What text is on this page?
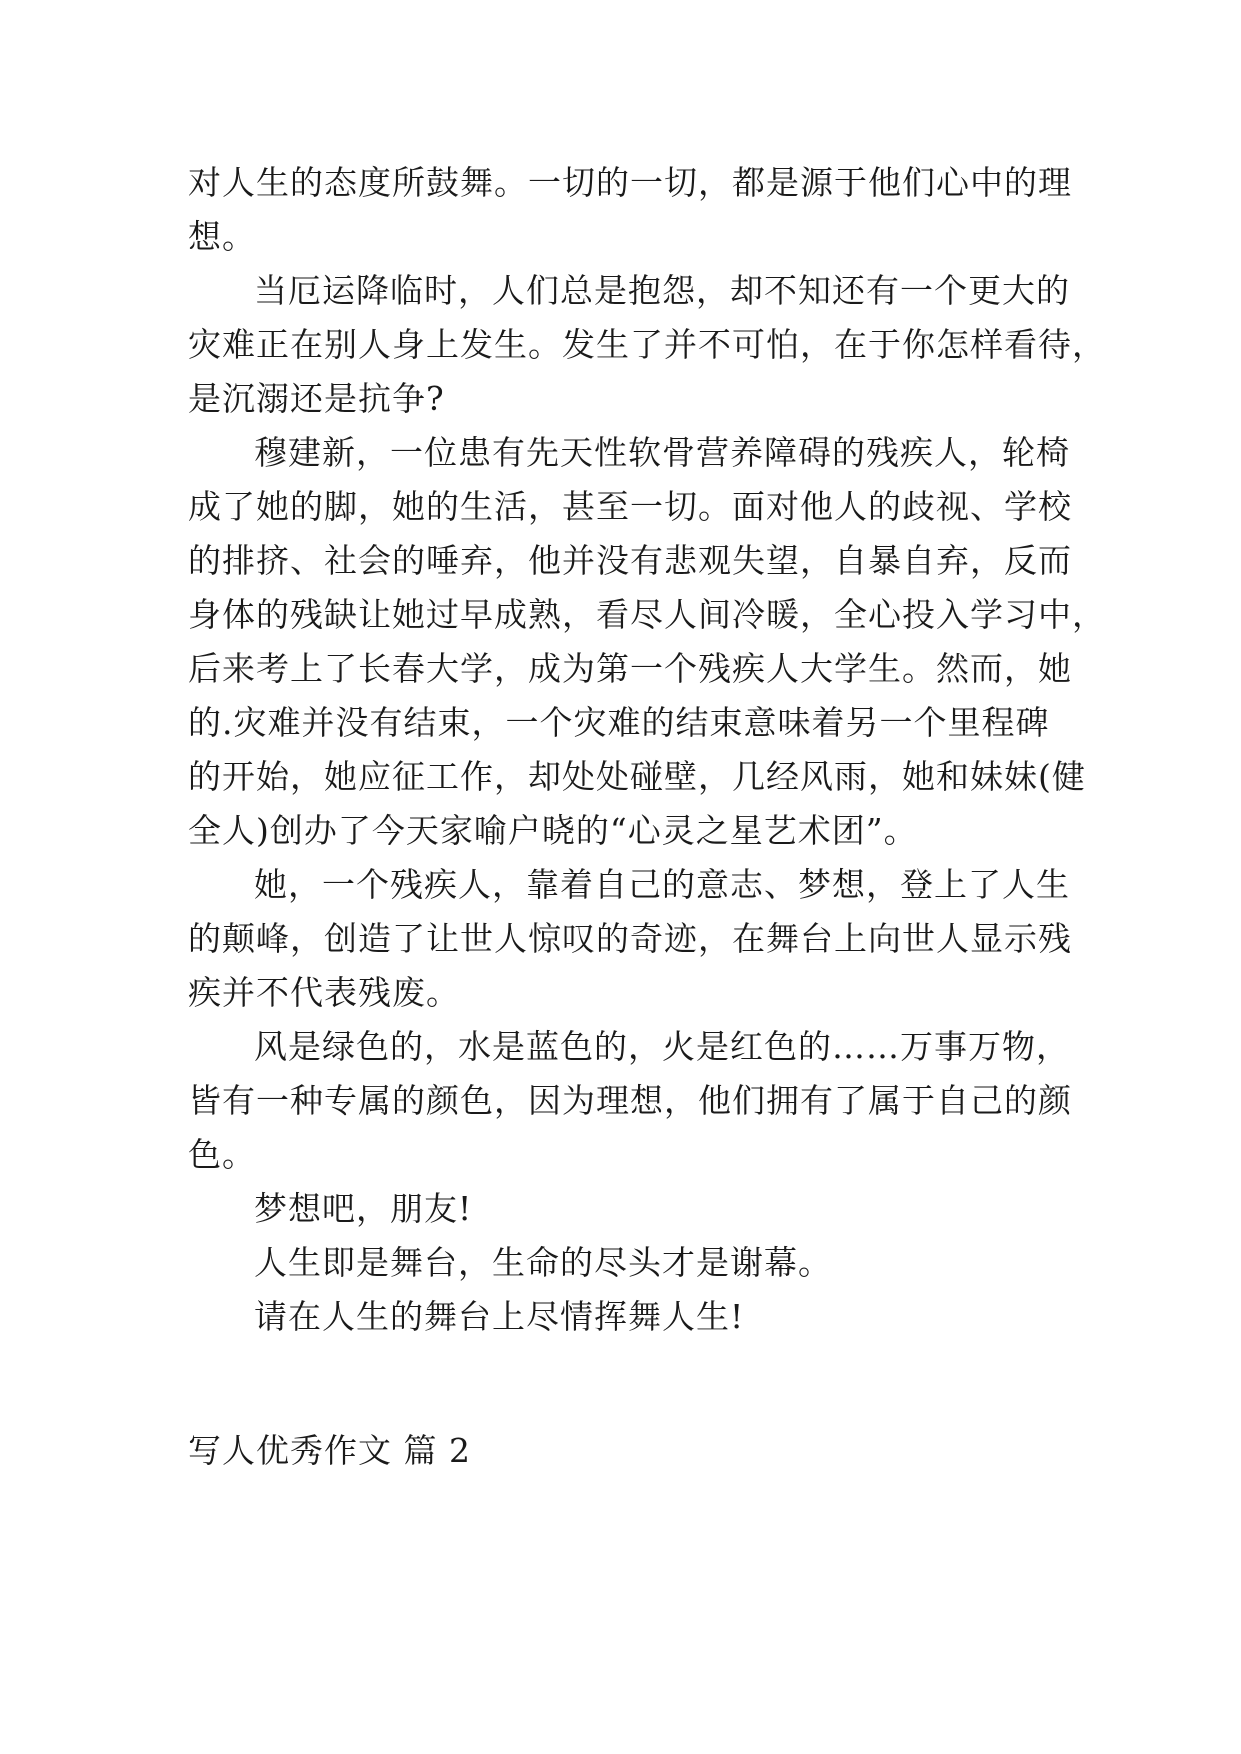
对人生的态度所鼓舞。一切的一切，都是源于他们心中的理
想。
当厄运降临时，人们总是抱怨，却不知还有一个更大的
灾难正在别人身上发生。发生了并不可怕，在于你怎样看待，
是沉溺还是抗争?
穆建新，一位患有先天性软骨营养障碍的残疾人，轮椅
成了她的脚，她的生活，甚至一切。面对他人的歧视、学校
的排挤、社会的唾弃，他并没有悲观失望，自暴自弃，反而
身体的残缺让她过早成熟，看尽人间冷暖，全心投入学习中，
后来考上了长春大学，成为第一个残疾人大学生。然而，她
的.灾难并没有结束，一个灾难的结束意味着另一个里程碑
的开始，她应征工作，却处处碰壁，几经风雨，她和妹妹(健
全人)创办了今天家喻户晓的“心灵之星艺术团”。
她，一个残疾人，靠着自己的意志、梦想，登上了人生
的颠峰，创造了让世人惊叹的奇迹，在舞台上向世人显示残
疾并不代表残废。
风是绿色的，水是蓝色的，火是红色的……万事万物，
皆有一种专属的颜色，因为理想，他们拥有了属于自己的颜
色。
梦想吧，朋友!
人生即是舞台，生命的尽头才是谢幕。
请在人生的舞台上尽情挥舞人生!
写人优秀作文 篇 2
